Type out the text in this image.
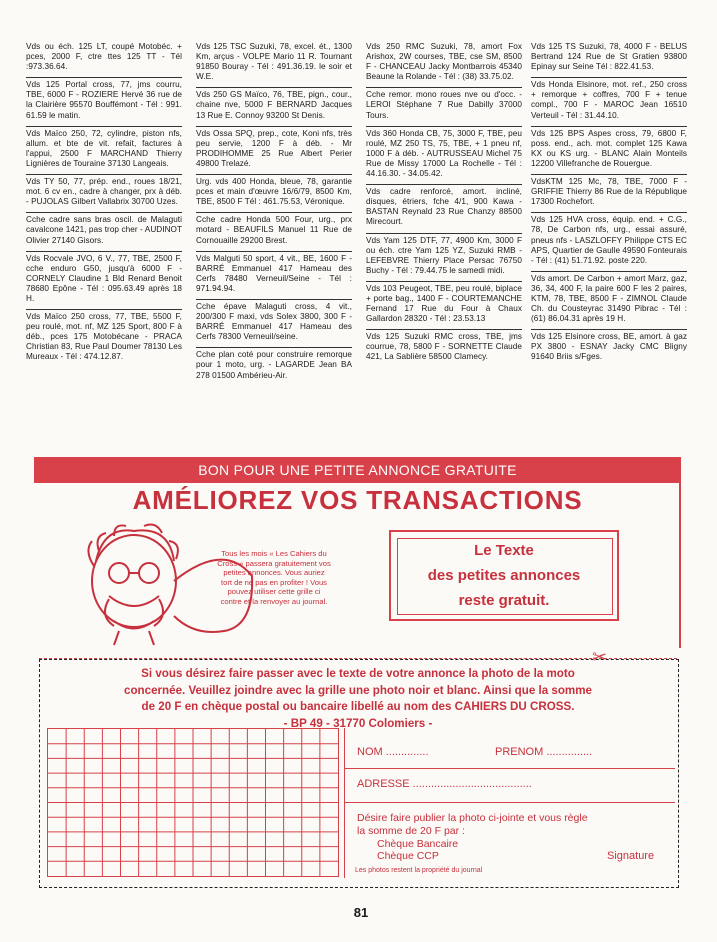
Vds ou éch. 125 LT, coupé Motobéc. + pces, 2000 F, ctre ttes 125 TT - Tél :973.36.64.

Vds 125 Portal cross, 77, jms courru, TBE, 6000 F - ROZIERE Hervé 36 rue de la Clairière 95570 Bouffémont - Tél : 991. 61.59 le matin.

Vds Maïco 250, 72, cylindre, piston nfs, allum. et bte de vit. refait, factures à l'appui, 2500 F MARCHAND Thierry Lignières de Touraine 37130 Langeais.

Vds TY 50, 77, prép. end., roues 18/21, mot. 6 cv en., cadre à changer, prx à déb. - PUJOLAS Gilbert Vallabrix 30700 Uzes.

Cche cadre sans bras oscil. de Malaguti cavalcone 1421, pas trop cher - AUDINOT Olivier 27140 Gisors.

Vds Rocvale JVO, 6 V., 77, TBE, 2500 F, cche enduro G50, jusqu'à 6000 F - CORNELY Claudine 1 Bld Renard Benoit 78680 Epône - Tél : 095.63.49 après 18 H.

Vds Maïco 250 cross, 77, TBE, 5500 F, peu roulé, mot. nf, MZ 125 Sport, 800 F à déb., pces 175 Motobécane - PRACA Christian 83, Rue Paul Doumer 78130 Les Mureaux - Tél : 474.12.87.

Vds 125 TSC Suzuki, 78, excel. ét., 1300 Km, arçus - VOLPE Mario 11 R. Tournant 91850 Bouray - Tél : 491.36.19. le soir et W.E.

Vds 250 GS Maïco, 76, TBE, pign., cour., chaine nve, 5000 F BERNARD Jacques 13 Rue E. Connoy 93200 St Denis.

Vds Ossa SPQ, prep., cote, Koni nfs, très peu servie, 1200 F à déb. - Mr PRODIHOMME 25 Rue Albert Perier 49800 Trelazé.

Urg. vds 400 Honda, bleue, 78, garantie pces et main d'œuvre 16/6/79, 8500 Km, TBE, 8500 F Tél : 461.75.53, Véronique.

Cche cadre Honda 500 Four, urg., prx motard - BEAUFILS Manuel 11 Rue de Cornouaille 29200 Brest.

Vds Malguti 50 sport, 4 vit., BE, 1600 F - BARRÉ Emmanuel 417 Hameau des Cerfs 78480 Verneuil/Seine - Tél : 971.94.94.

Cche épave Malaguti cross, 4 vit., 200/300 F maxi, vds Solex 3800, 300 F - BARRÉ Emmanuel 417 Hameau des Cerfs 78300 Verneuil/seine.

Cche plan coté pour construire remorque pour 1 moto, urg. - LAGARDE Jean BA 278 01500 Ambérieu-Air.

Vds 250 RMC Suzuki, 78, amort Fox Arishox, 2W courses, TBE, cse SM, 8500 F - CHANCEAU Jacky Montbarrois 45340 Beaune la Rolande - Tél : (38) 33.75.02.

Cche remor. mono roues nve ou d'occ. - LEROI Stéphane 7 Rue Dabilly 37000 Tours.

Vds 360 Honda CB, 75, 3000 F, TBE, peu roulé, MZ 250 TS, 75, TBE, + 1 pneu nf, 1000 F à déb. - AUTRUSSEAU Michel 75 Rue de Missy 17000 La Rochelle - Tél : 44.16.30. - 34.05.42.

Vds cadre renforcé, amort. incliné, disques, étriers, fche 4/1, 900 Kawa - BASTAN Reynald 23 Rue Chanzy 88500 Mirecourt.

Vds Yam 125 DTF, 77, 4900 Km, 3000 F ou éch. ctre Yam 125 YZ, Suzuki RMB - LEFEBVRE Thierry Place Persac 76750 Buchy - Tél : 79.44.75 le samedi midi.

Vds 103 Peugeot, TBE, peu roulé, biplace + porte bag., 1400 F - COURTEMANCHE Fernand 17 Rue du Four à Chaux Gallardon 28320 - Tél : 23.53.13

Vds 125 Suzuki RMC cross, TBE, jms courrue, 78, 5800 F - SORNETTE Claude 421, La Sablière 58500 Clamecy.

Vds 125 TS Suzuki, 78, 4000 F - BELUS Bertrand 124 Rue de St Gratien 93800 Epinay sur Seine Tél : 822.41.53.

Vds Honda Elsinore, mot. ref., 250 cross + remorque + coffres, 700 F + tenue compl., 700 F - MAROC Jean 16510 Verteuil - Tél : 31.44.10.

Vds 125 BPS Aspes cross, 79, 6800 F, poss. end., ach. mot. complet 125 Kawa KX ou KS urg. - BLANC Alain Monteils 12200 Villefranche de Rouergue.

VdsKTM 125 Mc, 78, TBE, 7000 F - GRIFFIE Thierry 86 Rue de la République 17300 Rochefort.

Vds 125 HVA cross, équip. end. + C.G., 78, De Carbon nfs, urg., essai assuré, pneus nfs - LASZLOFFY Philippe CTS EC APS, Quartier de Gaulle 49590 Fonteurais - Tél : (41) 51.71.92. poste 220.

Vds amort. De Carbon + amort Marz, gaz, 36, 34, 400 F, la paire 600 F les 2 paires, KTM, 78, TBE, 8500 F - ZIMNOL Claude Ch. du Cousteyrac 31490 Pibrac - Tél : (61) 86.04.31 après 19 H.

Vds 125 Elsinore cross, BE, amort. à gaz PX 3800 - ESNAY Jacky CMC Bligny 91640 Briis s/Fges.

BON POUR UNE PETITE ANNONCE GRATUITE
AMÉLIOREZ VOS TRANSACTIONS
Tous les mois « Les Cahiers du Cross » passera gratuitement vos petites annonces. Vous auriez tort de ne pas en profiter ! Vous pouvez utiliser cette grille ci contre et la renvoyer au journal.
Le Texte
des petites annonces
reste gratuit.
✂
Si vous désirez faire passer avec le texte de votre annonce la photo de la moto
concernée. Veuillez joindre avec la grille une photo noir et blanc. Ainsi que la somme
de 20 F en chèque postal ou bancaire libellé au nom des CAHIERS DU CROSS.
- BP 49 - 31770 Colomiers -
NOM ..............	PRENOM ...............
ADRESSE .......................................
Désire faire publier la photo ci-jointe et vous règle
la somme de 20 F par :
Chèque Bancaire
Chèque CCP	Signature
Les photos restent la propriété du journal
81
